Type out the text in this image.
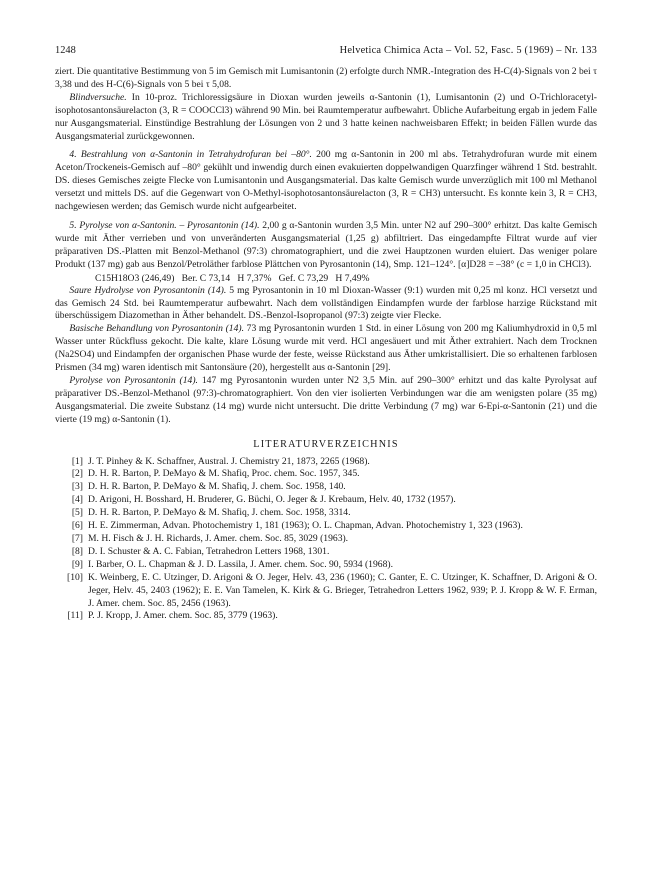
1248	Helvetica Chimica Acta – Vol. 52, Fasc. 5 (1969) – Nr. 133

ziert. Die quantitative Bestimmung von 5 im Gemisch mit Lumisantonin (2) erfolgte durch NMR.-Integration des H-C(4)-Signals von 2 bei τ 3,38 und des H-C(6)-Signals von 5 bei τ 5,08.

Blindversuche. In 10-proz. Trichloressigsäure in Dioxan wurden jeweils α-Santonin (1), Lumisantonin (2) und O-Trichloracetyl-isophotosantonsäurelacton (3, R = COOCCl3) während 90 Min. bei Raumtemperatur aufbewahrt. Übliche Aufarbeitung ergab in jedem Falle nur Ausgangsmaterial. Einstündige Bestrahlung der Lösungen von 2 und 3 hatte keinen nachweisbaren Effekt; in beiden Fällen wurde das Ausgangsmaterial zurückgewonnen.

4. Bestrahlung von α-Santonin in Tetrahydrofuran bei –80°. 200 mg α-Santonin in 200 ml abs. Tetrahydrofuran wurde mit einem Aceton/Trockeneis-Gemisch auf –80° gekühlt und inwendig durch einen evakuierten doppelwandigen Quarzfinger während 1 Std. bestrahlt. DS. dieses Gemisches zeigte Flecke von Lumisantonin und Ausgangsmaterial. Das kalte Gemisch wurde unverzüglich mit 100 ml Methanol versetzt und mittels DS. auf die Gegenwart von O-Methyl-isophotosantonsäurelacton (3, R = CH3) untersucht. Es konnte kein 3, R = CH3, nachgewiesen werden; das Gemisch wurde nicht aufgearbeitet.

5. Pyrolyse von α-Santonin. – Pyrosantonin (14). 2,00 g α-Santonin wurden 3,5 Min. unter N2 auf 290–300° erhitzt. Das kalte Gemisch wurde mit Äther verrieben und von unveränderten Ausgangsmaterial (1,25 g) abfiltriert. Das eingedampfte Filtrat wurde auf vier präparativen DS.-Platten mit Benzol-Methanol (97:3) chromatographiert, und die zwei Hauptzonen wurden eluiert. Das weniger polare Produkt (137 mg) gab aus Benzol/Petroläther farblose Plättchen von Pyrosantonin (14), Smp. 121–124°. [α]D28 = –38° (c = 1,0 in CHCl3).

C15H18O3 (246,49) Ber. C 73,14   H 7,37% Gef. C 73,29   H 7,49%

Saure Hydrolyse von Pyrosantonin (14). 5 mg Pyrosantonin in 10 ml Dioxan-Wasser (9:1) wurden mit 0,25 ml konz. HCl versetzt und das Gemisch 24 Std. bei Raumtemperatur aufbewahrt. Nach dem vollständigen Eindampfen wurde der farblose harzige Rückstand mit überschüssigem Diazomethan in Äther behandelt. DS.-Benzol-Isopropanol (97:3) zeigte vier Flecke.

Basische Behandlung von Pyrosantonin (14). 73 mg Pyrosantonin wurden 1 Std. in einer Lösung von 200 mg Kaliumhydroxid in 0,5 ml Wasser unter Rückfluss gekocht. Die kalte, klare Lösung wurde mit verd. HCl angesäuert und mit Äther extrahiert. Nach dem Trocknen (Na2SO4) und Eindampfen der organischen Phase wurde der feste, weisse Rückstand aus Äther umkristallisiert. Die so erhaltenen farblosen Prismen (34 mg) waren identisch mit Santonsäure (20), hergestellt aus α-Santonin [29].

Pyrolyse von Pyrosantonin (14). 147 mg Pyrosantonin wurden unter N2 3,5 Min. auf 290–300° erhitzt und das kalte Pyrolysat auf präparativer DS.-Benzol-Methanol (97:3)-chromatographiert. Von den vier isolierten Verbindungen war die am wenigsten polare (35 mg) Ausgangsmaterial. Die zweite Substanz (14 mg) wurde nicht untersucht. Die dritte Verbindung (7 mg) war 6-Epi-α-Santonin (21) und die vierte (19 mg) α-Santonin (1).

LITERATURVERZEICHNIS
[1] J. T. Pinhey & K. Schaffner, Austral. J. Chemistry 21, 1873, 2265 (1968).
[2] D. H. R. Barton, P. DeMayo & M. Shafiq, Proc. chem. Soc. 1957, 345.
[3] D. H. R. Barton, P. DeMayo & M. Shafiq, J. chem. Soc. 1958, 140.
[4] D. Arigoni, H. Bosshard, H. Bruderer, G. Büchi, O. Jeger & J. Krebaum, Helv. 40, 1732 (1957).
[5] D. H. R. Barton, P. DeMayo & M. Shafiq, J. chem. Soc. 1958, 3314.
[6] H. E. Zimmerman, Advan. Photochemistry 1, 181 (1963); O. L. Chapman, Advan. Photochemistry 1, 323 (1963).
[7] M. H. Fisch & J. H. Richards, J. Amer. chem. Soc. 85, 3029 (1963).
[8] D. I. Schuster & A. C. Fabian, Tetrahedron Letters 1968, 1301.
[9] I. Barber, O. L. Chapman & J. D. Lassila, J. Amer. chem. Soc. 90, 5934 (1968).
[10] K. Weinberg, E. C. Utzinger, D. Arigoni & O. Jeger, Helv. 43, 236 (1960); C. Ganter, E. C. Utzinger, K. Schaffner, D. Arigoni & O. Jeger, Helv. 45, 2403 (1962); E. E. Van Tamelen, K. Kirk & G. Brieger, Tetrahedron Letters 1962, 939; P. J. Kropp & W. F. Erman, J. Amer. chem. Soc. 85, 2456 (1963).
[11] P. J. Kropp, J. Amer. chem. Soc. 85, 3779 (1963).
